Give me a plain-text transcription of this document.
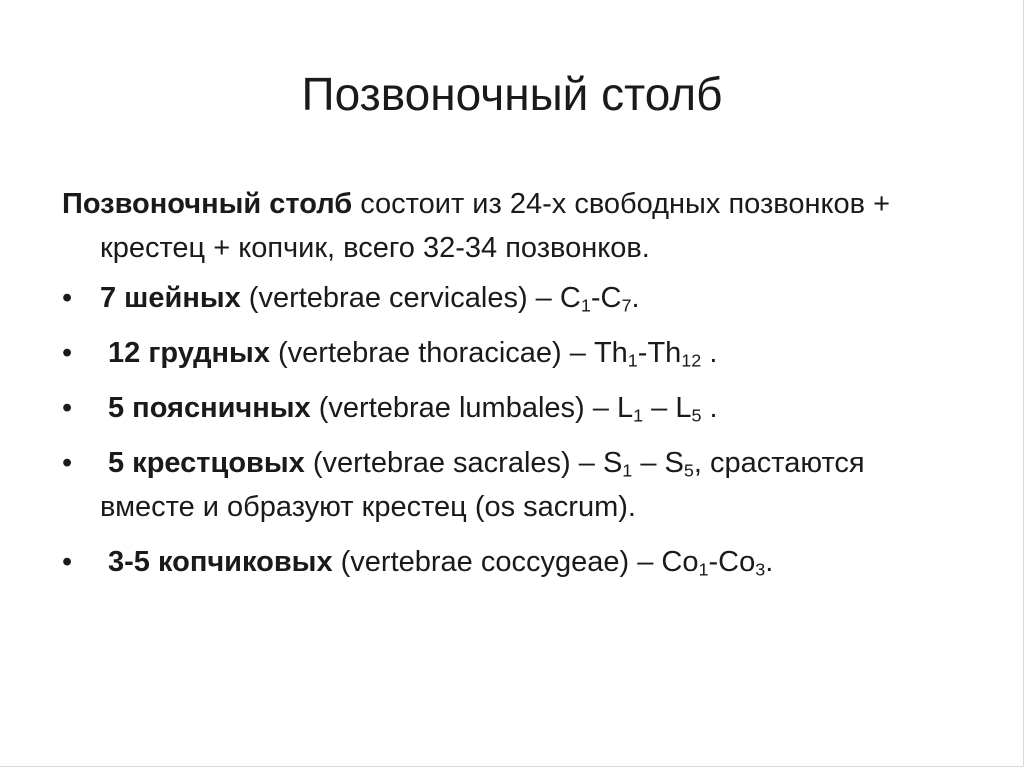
Позвоночный столб

Позвоночный столб состоит из 24-х свободных позвонков + крестец + копчик, всего 32-34 позвонков.

• 7 шейных (vertebrae cervicales) – $C_1-C_7$.
• 12 грудных (vertebrae thoracicae) – $Th_1-Th_{12}$ .
• 5 поясничных (vertebrae lumbales) – $L_1 - L_5$ .
• 5 крестцовых (vertebrae sacrales) – $S_1 - S_5$, срастаются вместе и образуют крестец (os sacrum).
• 3-5 копчиковых (vertebrae coccygeae) – $Co_1-Co_3$.
